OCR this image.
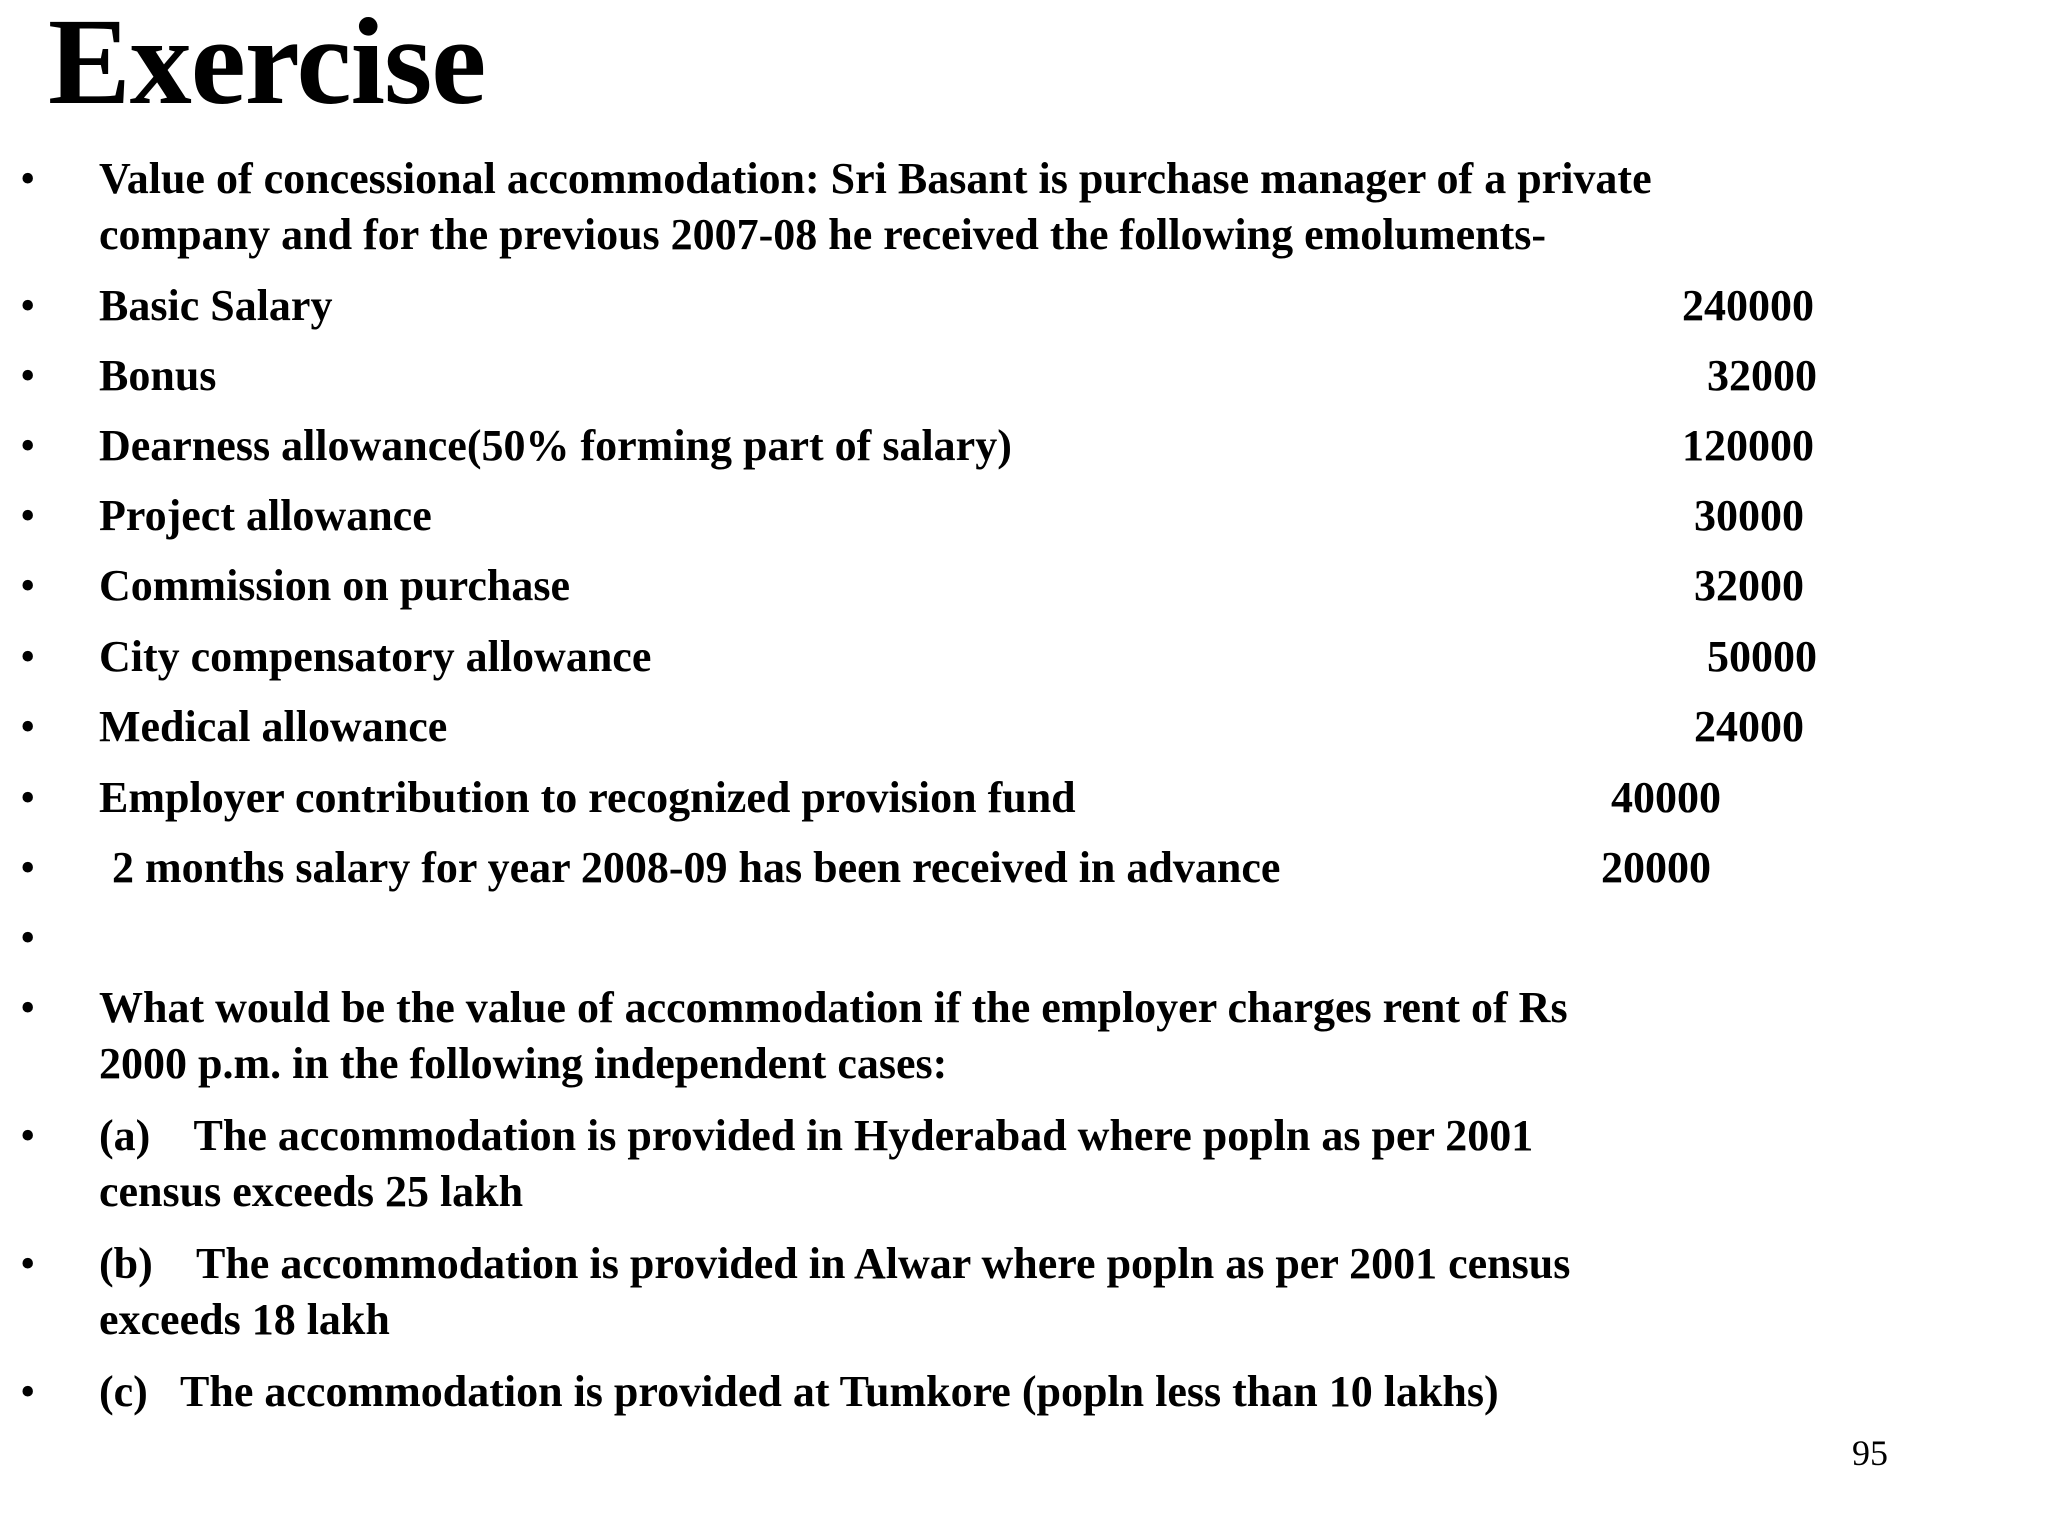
Exercise
• Value of concessional accommodation: Sri Basant is purchase manager of a private
company and for the previous 2007-08 he received the following emoluments-
• Basic Salary	240000
• Bonus	32000
• Dearness allowance(50% forming part of salary)	120000
• Project allowance	30000
• Commission on purchase	32000
• City compensatory allowance	50000
• Medical allowance	24000
• Employer contribution to recognized provision fund	40000
• 2 months salary for year 2008-09 has been received in advance	20000
•
• What would be the value of accommodation if the employer charges rent of Rs
2000 p.m. in the following independent cases:
• (a)    The accommodation is provided in Hyderabad where popln as per 2001
census exceeds 25 lakh
• (b)    The accommodation is provided in Alwar where popln as per 2001 census
exceeds 18 lakh
• (c)   The accommodation is provided at Tumkore (popln less than 10 lakhs)
95
